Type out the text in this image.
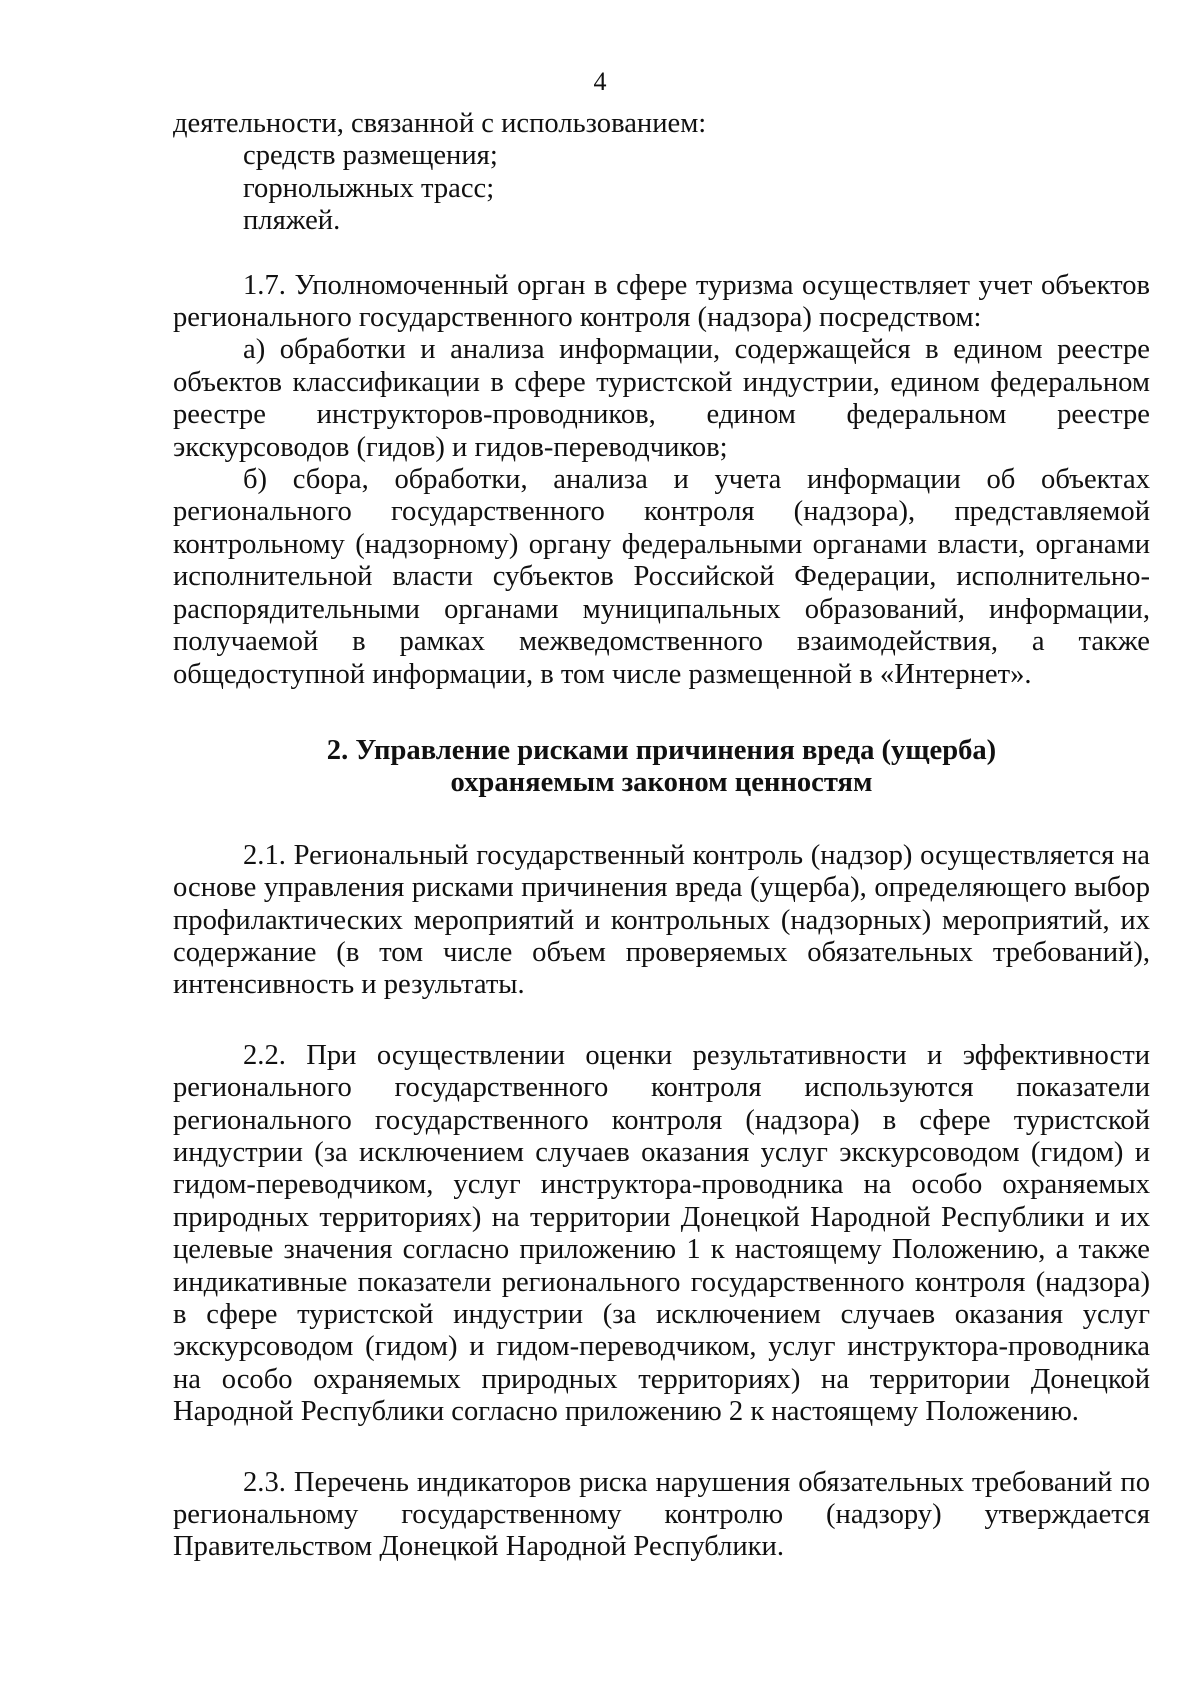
4

деятельности, связанной с использованием:

средств размещения;

горнолыжных трасс;

пляжей.

1.7. Уполномоченный орган в сфере туризма осуществляет учет объектов регионального государственного контроля (надзора) посредством:

а) обработки и анализа информации, содержащейся в едином реестре объектов классификации в сфере туристской индустрии, едином федеральном реестре инструкторов-проводников, едином федеральном реестре экскурсоводов (гидов) и гидов-переводчиков;

б) сбора, обработки, анализа и учета информации об объектах регионального государственного контроля (надзора), представляемой контрольному (надзорному) органу федеральными органами власти, органами исполнительной власти субъектов Российской Федерации, исполнительно-распорядительными органами муниципальных образований, информации, получаемой в рамках межведомственного взаимодействия, а также общедоступной информации, в том числе размещенной в «Интернет».

2. Управление рисками причинения вреда (ущерба)
охраняемым законом ценностям

2.1. Региональный государственный контроль (надзор) осуществляется на основе управления рисками причинения вреда (ущерба), определяющего выбор профилактических мероприятий и контрольных (надзорных) мероприятий, их содержание (в том числе объем проверяемых обязательных требований), интенсивность и результаты.

2.2. При осуществлении оценки результативности и эффективности регионального государственного контроля используются показатели регионального государственного контроля (надзора) в сфере туристской индустрии (за исключением случаев оказания услуг экскурсоводом (гидом) и гидом-переводчиком, услуг инструктора-проводника на особо охраняемых природных территориях) на территории Донецкой Народной Республики и их целевые значения согласно приложению 1 к настоящему Положению, а также индикативные показатели регионального государственного контроля (надзора) в сфере туристской индустрии (за исключением случаев оказания услуг экскурсоводом (гидом) и гидом-переводчиком, услуг инструктора-проводника на особо охраняемых природных территориях) на территории Донецкой Народной Республики согласно приложению 2 к настоящему Положению.

2.3. Перечень индикаторов риска нарушения обязательных требований по региональному государственному контролю (надзору) утверждается Правительством Донецкой Народной Республики.
